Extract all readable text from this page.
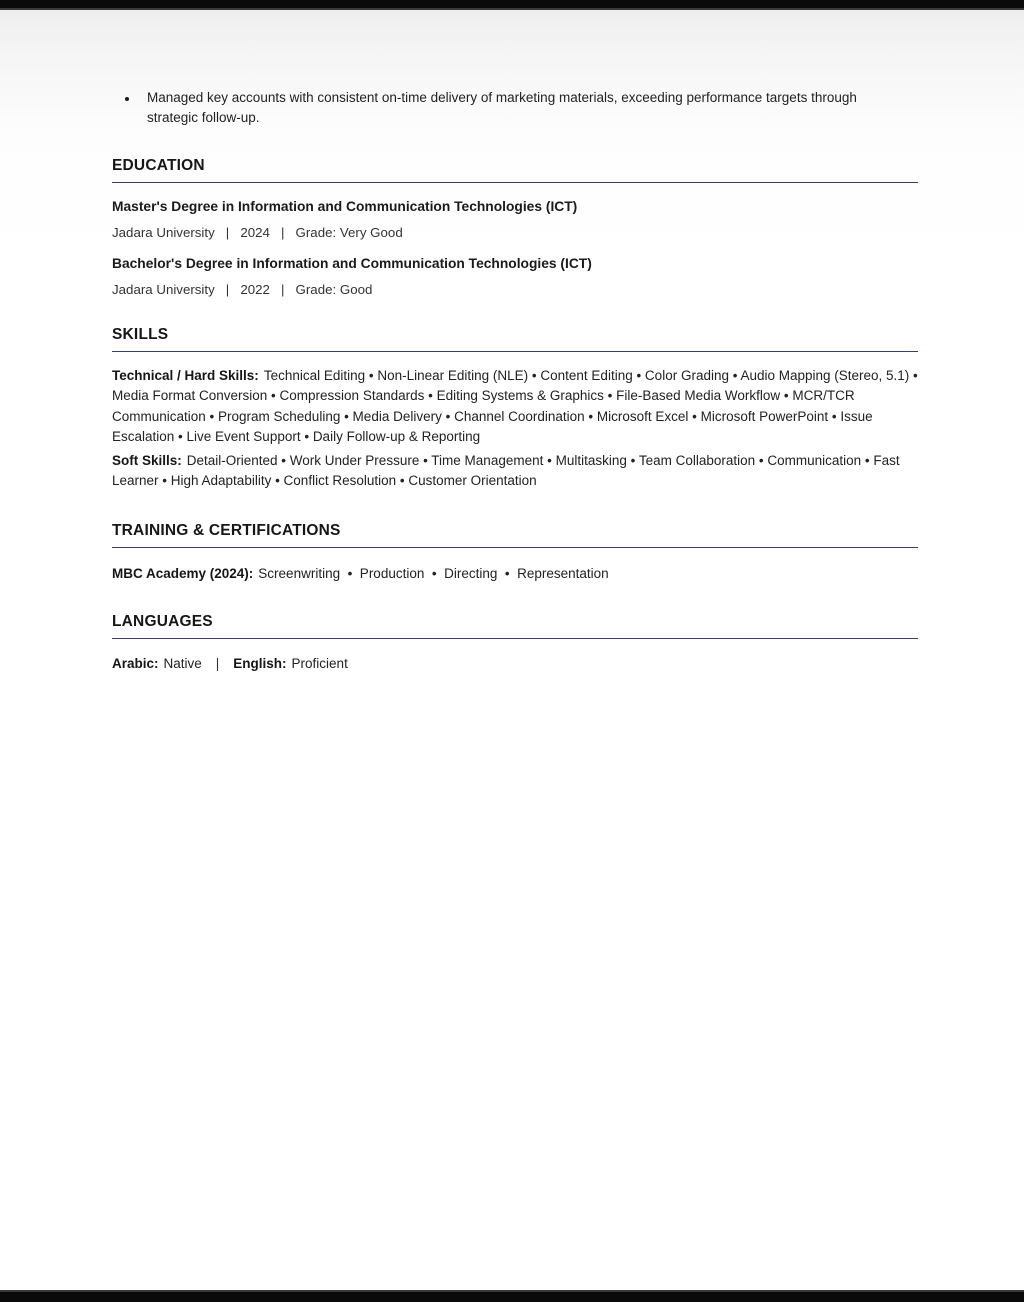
• Managed key accounts with consistent on-time delivery of marketing materials, exceeding performance targets through strategic follow-up.
EDUCATION
Master's Degree in Information and Communication Technologies (ICT)
Jadara University   |   2024   |   Grade: Very Good
Bachelor's Degree in Information and Communication Technologies (ICT)
Jadara University   |   2022   |   Grade: Good
SKILLS

Technical / Hard Skills: Technical Editing • Non-Linear Editing (NLE) • Content Editing • Color Grading • Audio Mapping (Stereo, 5.1) • Media Format Conversion • Compression Standards • Editing Systems & Graphics • File-Based Media Workflow • MCR/TCR Communication • Program Scheduling • Media Delivery • Channel Coordination • Microsoft Excel • Microsoft PowerPoint • Issue Escalation • Live Event Support • Daily Follow-up & Reporting

Soft Skills: Detail-Oriented • Work Under Pressure • Time Management • Multitasking • Team Collaboration • Communication • Fast Learner • High Adaptability • Conflict Resolution • Customer Orientation

TRAINING & CERTIFICATIONS

MBC Academy (2024): Screenwriting  •  Production  •  Directing  •  Representation

LANGUAGES

Arabic: Native | English: Proficient
